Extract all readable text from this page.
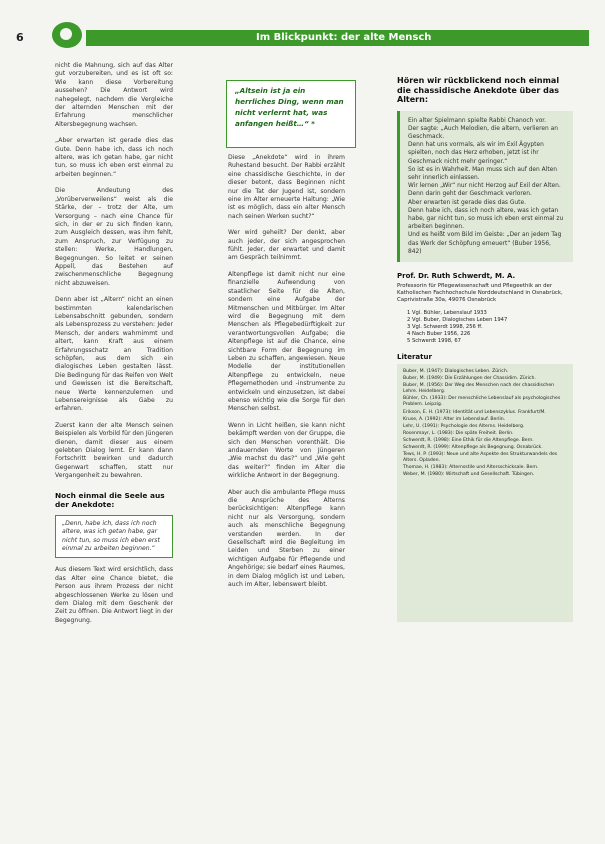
6	Im Blickpunkt: der alte Mensch

nicht die Mahnung, sich auf das Alter gut vorzubereiten, und es ist oft so: Wie kann diese Vorbereitung aussehen? Die Antwort wird nahegelegt, nachdem die Vergleiche der alternden Menschen mit der Erfahrung menschlicher Altersbegegnung wachsen.

„Aber erwarten ist gerade dies das Gute. Denn habe ich, dass ich noch altere, was ich getan habe, gar nicht tun, so muss ich eben erst einmal zu arbeiten beginnen.“

Die Andeutung des „Vorüberverweilens“ weist als die Stärke, der – trotz der Alte, um Versorgung – nach eine Chance für sich, in der er zu sich finden kann, zum Ausgleich dessen, was ihm fehlt, zum Anspruch, zur Verfügung zu stellen: Werke, Handlungen, Begegnungen. So leitet er seinen Appell, das Bestehen auf zwischenmenschliche Begegnung nicht abzuweisen.

Denn aber ist „Altern“ nicht an einen bestimmten kalendarischen Lebensabschnitt gebunden, sondern als Lebensprozess zu verstehen: Jeder Mensch, der anders wahrnimmt und altert, kann Kraft aus einem Erfahrungsschatz an Tradition schöpfen, aus dem sich ein dialogisches Leben gestalten lässt. Die Bedingung für das Reifen von Welt und Gewissen ist die Bereitschaft, neue Werte kennenzulernen und Lebensereignisse als Gabe zu erfahren.

Zuerst kann der alte Mensch seinen Beispielen als Vorbild für den Jüngeren dienen, damit dieser aus einem gelebten Dialog lernt. Er kann dann Fortschritt bewirken und dadurch Gegenwart schaffen, statt nur Vergangenheit zu bewahren.

Noch einmal die Seele aus der Anekdote:
„Denn, habe ich, dass ich noch altere, was ich getan habe, gar nicht tun, so muss ich eben erst einmal zu arbeiten beginnen.“

Aus diesem Text wird ersichtlich, dass das Alter eine Chance bietet, die Person aus ihrem Prozess der nicht abgeschlossenen Werke zu lösen und dem Dialog mit dem Geschenk der Zeit zu öffnen. Die Antwort liegt in der Begegnung.

„Altsein ist ja ein herrliches Ding, wenn man nicht verlernt hat, was anfangen heißt…“ *

Diese „Anekdote“ wird in ihrem Ruhestand besucht. Der Rabbi erzählt eine chassidische Geschichte, in der dieser betont, dass Beginnen nicht nur die Tat der Jugend ist, sondern eine im Alter erneuerte Haltung: „Wie ist es möglich, dass ein alter Mensch nach seinen Werken sucht?“

Wer wird geheilt? Der denkt, aber auch jeder, der sich angesprochen fühlt. Jeder, der erwartet und damit am Gespräch teilnimmt.

Altenpflege ist damit nicht nur eine finanzielle Aufwendung von staatlicher Seite für die Alten, sondern eine Aufgabe der Mitmenschen und Mitbürger. Im Alter wird die Begegnung mit dem Menschen als Pflegebedürftigkeit zur verantwortungsvollen Aufgabe; die Altenpflege ist auf die Chance, eine sichtbare Form der Begegnung im Leben zu schaffen, angewiesen. Neue Modelle der institutionellen Altenpflege zu entwickeln, neue Pflegemethoden und -instrumente zu entwickeln und einzusetzen, ist dabei ebenso wichtig wie die Sorge für den Menschen selbst.

Wenn in Licht heißen, sie kann nicht bekämpft werden von der Gruppe, die sich den Menschen vorenthält. Die andauernden Worte von Jüngeren „Wie machst du das?“ und „Wie geht das weiter?“ finden im Alter die wirkliche Antwort in der Begegnung.

Aber auch die ambulante Pflege muss die Ansprüche des Alterns berücksichtigen: Altenpflege kann nicht nur als Versorgung, sondern auch als menschliche Begegnung verstanden werden. In der Gesellschaft wird die Begleitung im Leiden und Sterben zu einer wichtigen Aufgabe für Pflegende und Angehörige; sie bedarf eines Raumes, in dem Dialog möglich ist und Leben, auch im Alter, lebenswert bleibt.

Hören wir rückblickend noch einmal die chassidische Anekdote über das Altern:
Ein alter Spielmann spielte Rabbi Chanoch vor.
Der sagte: „Auch Melodien, die altern, verlieren an Geschmack.
Denn hat uns vormals, als wir im Exil Ägypten spielten, noch das Herz erhoben, jetzt ist ihr Geschmack nicht mehr geringer.“
So ist es in Wahrheit. Man muss sich auf den Alten sehr innerlich einlassen.
Wir lernen „Wir“ nur nicht Herzog auf Exil der Alten.
Denn darin geht der Geschmack verloren.
Aber erwarten ist gerade dies das Gute.
Denn habe ich, dass ich noch altere, was ich getan habe, gar nicht tun, so muss ich eben erst einmal zu arbeiten beginnen.
Und es heißt vom Bild im Geiste: „Der an jedem Tag das Werk der Schöpfung erneuert“ (Buber 1956, 842)
Prof. Dr. Ruth Schwerdt, M. A.
Professorin für Pflegewissenschaft und Pflegeethik an der Katholischen Fachhochschule Norddeutschland in Osnabrück, Caprivistraße 30a, 49076 Osnabrück
1 Vgl. Bühler, Lebenslauf 1933
2 Vgl. Buber, Dialogisches Leben 1947
3 Vgl. Schwerdt 1998, 256 ff.
4 Nach Buber 1956, 226
5 Schwerdt 1998, 67
Literatur
Buber, M. (1947): Dialogisches Leben. Zürich.
Buber, M. (1949): Die Erzählungen der Chassidim. Zürich.
Buber, M. (1956): Der Weg des Menschen nach der chassidischen Lehre. Heidelberg.
Bühler, Ch. (1933): Der menschliche Lebenslauf als psychologisches Problem. Leipzig.
Erikson, E. H. (1973): Identität und Lebenszyklus. Frankfurt/M.
Kruse, A. (1992): Alter im Lebenslauf. Berlin.
Lehr, U. (1991): Psychologie des Alterns. Heidelberg.
Rosenmayr, L. (1983): Die späte Freiheit. Berlin.
Schwerdt, R. (1998): Eine Ethik für die Altenpflege. Bern.
Schwerdt, R. (1999): Altenpflege als Begegnung. Osnabrück.
Tews, H. P. (1993): Neue und alte Aspekte des Strukturwandels des Alters. Opladen.
Thomae, H. (1983): Alternsstile und Altersschicksale. Bern.
Weber, M. (1980): Wirtschaft und Gesellschaft. Tübingen.
